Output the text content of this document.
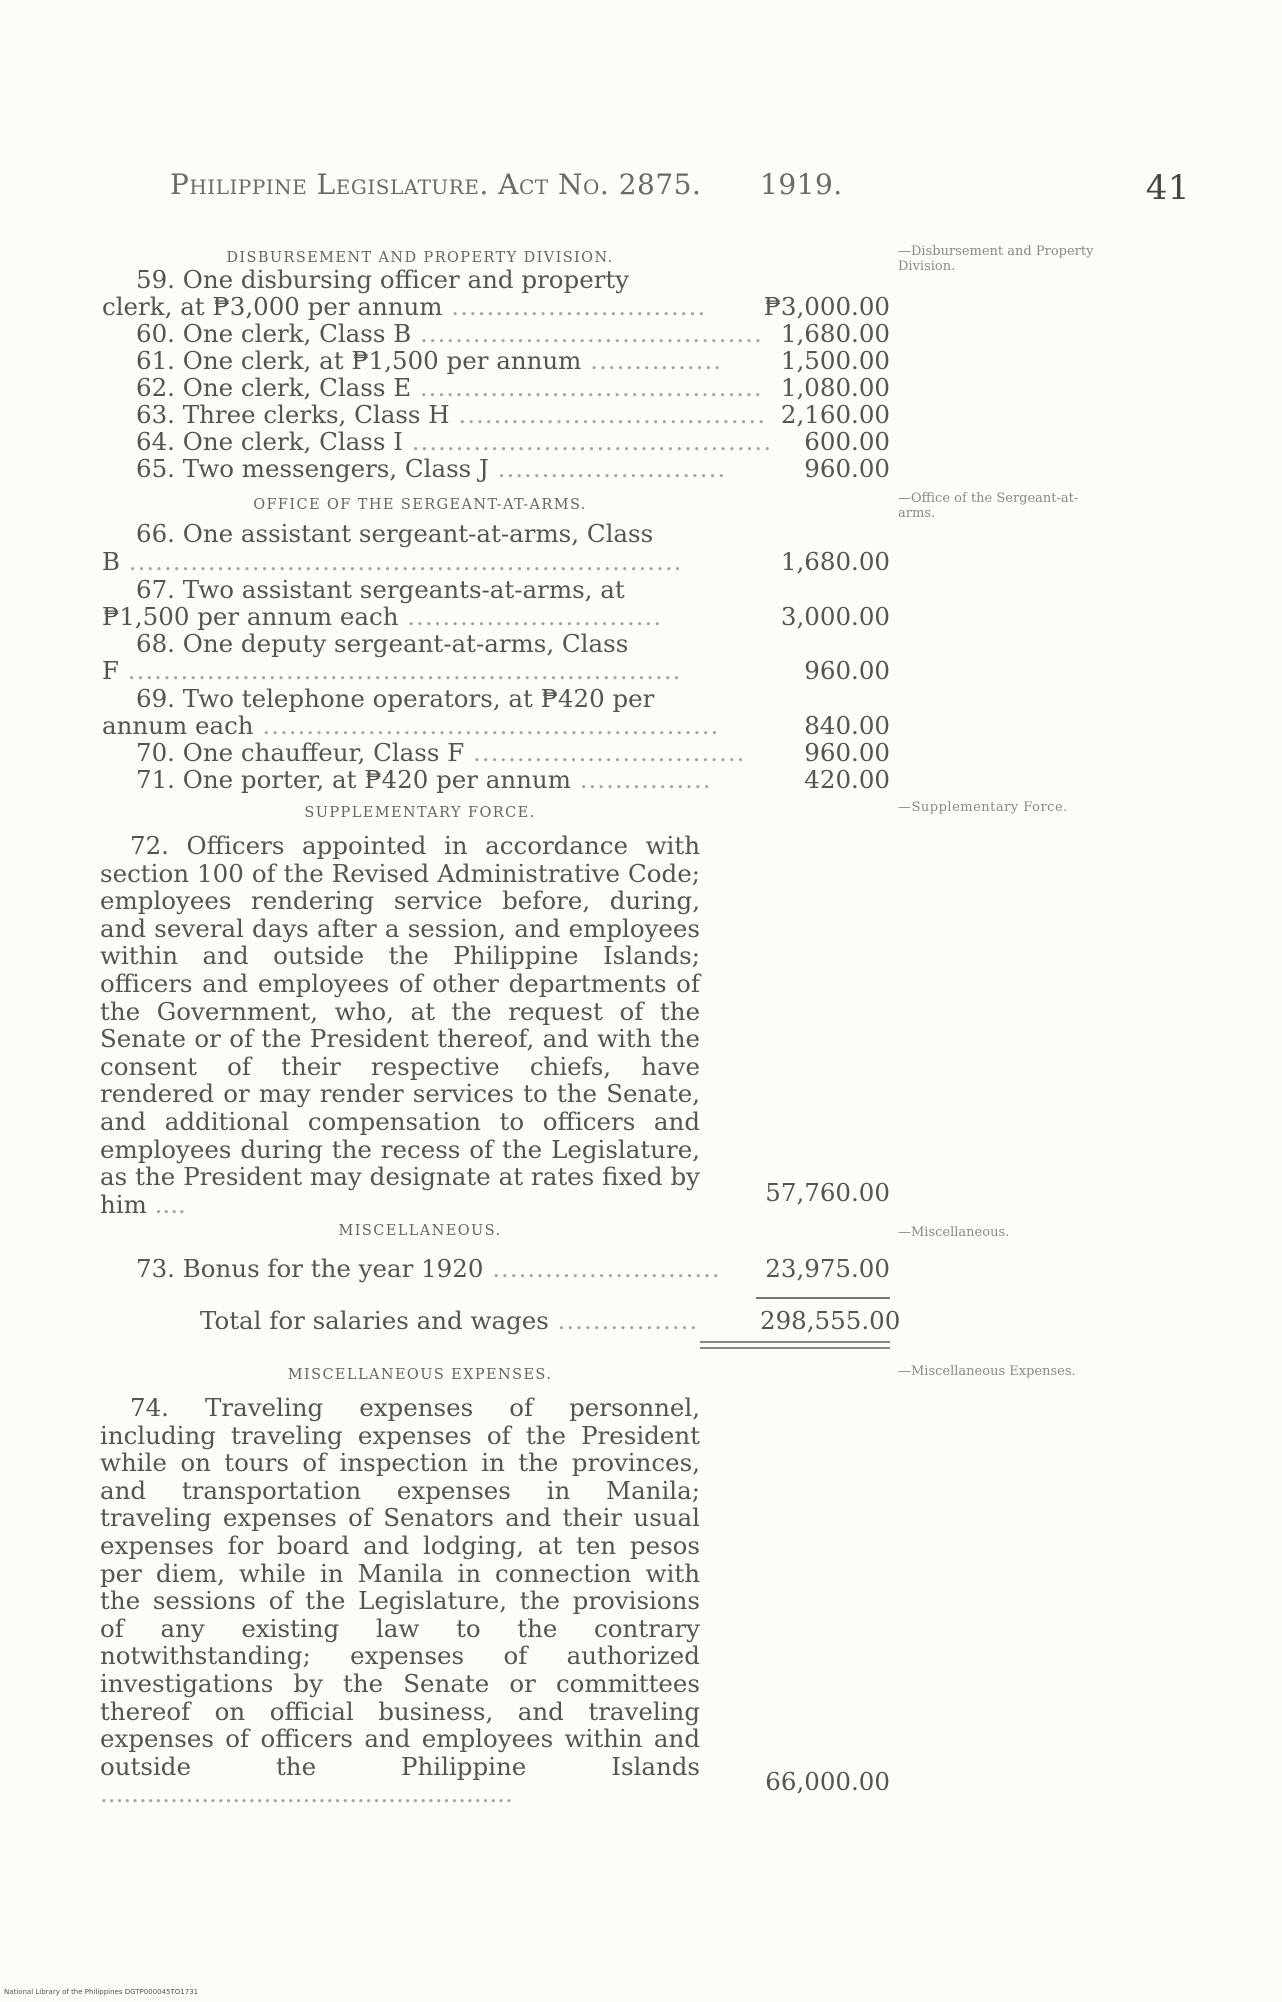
Philippine Legislature. Act No. 2875. 1919.	41
DISBURSEMENT AND PROPERTY DIVISION.	—Disbursement and Property Division.
59. One disbursing officer and property
clerk, at ₱3,000 per annum ............................. ₱3,000.00
60. One clerk, Class B ....................................... 1,680.00
61. One clerk, at ₱1,500 per annum ...............	1,500.00
62. One clerk, Class E ....................................... 1,080.00
63. Three clerks, Class H ................................... 2,160.00
64. One clerk, Class I .........................................	600.00
65. Two messengers, Class J ..........................	960.00
OFFICE OF THE SERGEANT-AT-ARMS.	—Office of the Sergeant-at-arms.
66. One assistant sergeant-at-arms, Class
B ...............................................................	1,680.00
67. Two assistant sergeants-at-arms, at
₱1,500 per annum each .............................	3,000.00
68. One deputy sergeant-at-arms, Class
F ...............................................................	960.00
69. Two telephone operators, at ₱420 per
annum each ....................................................	840.00
70. One chauffeur, Class F ...............................	960.00
71. One porter, at ₱420 per annum ...............	420.00
SUPPLEMENTARY FORCE.	—Supplementary Force.
72. Officers appointed in accordance with section 100 of the Revised Administrative Code; employees rendering service before, during, and several days after a session, and employees within and outside the Philippine Islands; officers and employees of other departments of the Government, who, at the request of the Senate or of the President thereof, and with the consent of their respective chiefs, have rendered or may render services to the Senate, and additional compensation to officers and employees during the recess of the Legislature, as the President may designate at rates fixed by him ....	57,760.00
MISCELLANEOUS.	—Miscellaneous.
73. Bonus for the year 1920 .......................... 23,975.00
Total for salaries and wages ................	298,555.00
MISCELLANEOUS EXPENSES.	—Miscellaneous Expenses.
74. Traveling expenses of personnel, including traveling expenses of the President while on tours of inspection in the provinces, and transportation expenses in Manila; traveling expenses of Senators and their usual expenses for board and lodging, at ten pesos per diem, while in Manila in connection with the sessions of the Legislature, the provisions of any existing law to the contrary notwithstanding; expenses of authorized investigations by the Senate or committees thereof on official business, and traveling expenses of officers and employees within and outside the Philippine Islands .....................................................	66,000.00
National Library of the Philippines DGTP000045TO1731
